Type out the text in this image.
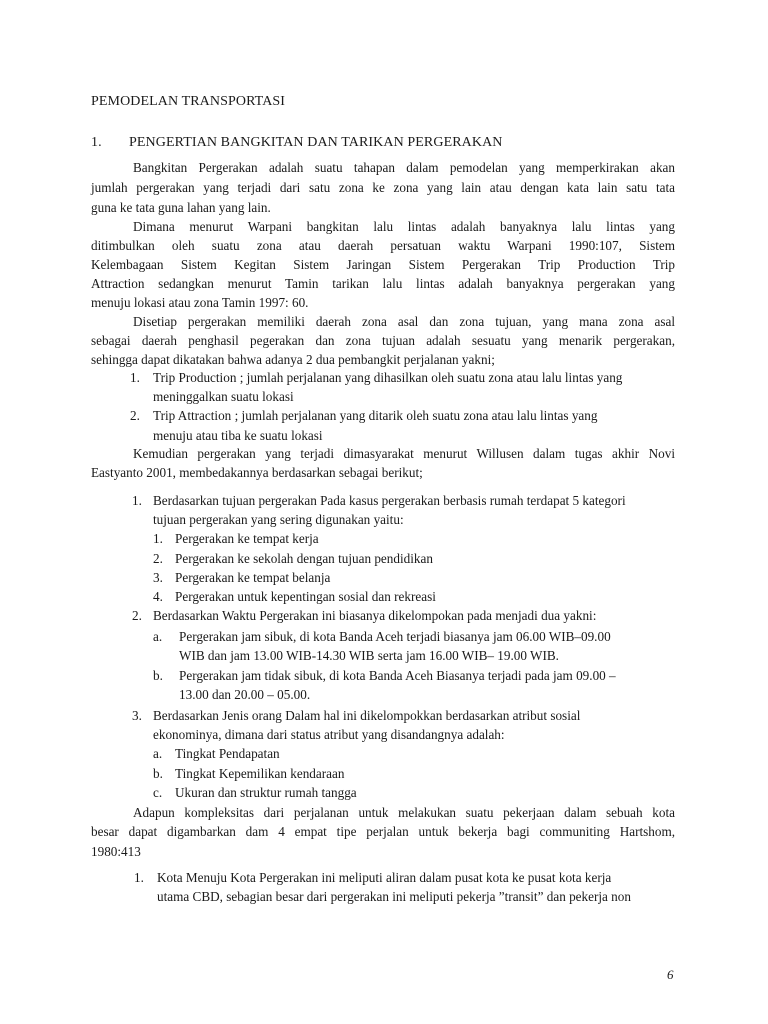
PEMODELAN TRANSPORTASI
1. PENGERTIAN BANGKITAN DAN TARIKAN PERGERAKAN
Bangkitan Pergerakan adalah suatu tahapan dalam pemodelan yang memperkirakan akan
jumlah pergerakan yang terjadi dari satu zona ke zona yang lain atau dengan kata lain satu tata
guna ke tata guna lahan yang lain.
Dimana menurut Warpani bangkitan lalu lintas adalah banyaknya lalu lintas yang
ditimbulkan oleh suatu zona atau daerah persatuan waktu Warpani 1990:107, Sistem
Kelembagaan Sistem Kegitan Sistem Jaringan Sistem Pergerakan Trip Production Trip
Attraction sedangkan menurut Tamin tarikan lalu lintas adalah banyaknya pergerakan yang
menuju lokasi atau zona Tamin 1997: 60.
Disetiap pergerakan memiliki daerah zona asal dan zona tujuan, yang mana zona asal
sebagai daerah penghasil pegerakan dan zona tujuan adalah sesuatu yang menarik pergerakan,
sehingga dapat dikatakan bahwa adanya 2 dua pembangkit perjalanan yakni;
1. Trip Production ; jumlah perjalanan yang dihasilkan oleh suatu zona atau lalu lintas yang
meninggalkan suatu lokasi
2. Trip Attraction ; jumlah perjalanan yang ditarik oleh suatu zona atau lalu lintas yang
menuju atau tiba ke suatu lokasi
Kemudian pergerakan yang terjadi dimasyarakat menurut Willusen dalam tugas akhir Novi
Eastyanto 2001, membedakannya berdasarkan sebagai berikut;
1. Berdasarkan tujuan pergerakan Pada kasus pergerakan berbasis rumah terdapat 5 kategori
tujuan pergerakan yang sering digunakan yaitu:
1. Pergerakan ke tempat kerja
2. Pergerakan ke sekolah dengan tujuan pendidikan
3. Pergerakan ke tempat belanja
4. Pergerakan untuk kepentingan sosial dan rekreasi
2. Berdasarkan Waktu Pergerakan ini biasanya dikelompokan pada menjadi dua yakni:
a. Pergerakan jam sibuk, di kota Banda Aceh terjadi biasanya jam 06.00 WIB–09.00
WIB dan jam 13.00 WIB-14.30 WIB serta jam 16.00 WIB– 19.00 WIB.
b. Pergerakan jam tidak sibuk, di kota Banda Aceh Biasanya terjadi pada jam 09.00 –
13.00 dan 20.00 – 05.00.
3. Berdasarkan Jenis orang Dalam hal ini dikelompokkan berdasarkan atribut sosial
ekonominya, dimana dari status atribut yang disandangnya adalah:
a. Tingkat Pendapatan
b. Tingkat Kepemilikan kendaraan
c. Ukuran dan struktur rumah tangga
Adapun kompleksitas dari perjalanan untuk melakukan suatu pekerjaan dalam sebuah kota
besar dapat digambarkan dam 4 empat tipe perjalan untuk bekerja bagi communiting Hartshom,
1980:413
1. Kota Menuju Kota Pergerakan ini meliputi aliran dalam pusat kota ke pusat kota kerja
utama CBD, sebagian besar dari pergerakan ini meliputi pekerja ”transit” dan pekerja non
6
